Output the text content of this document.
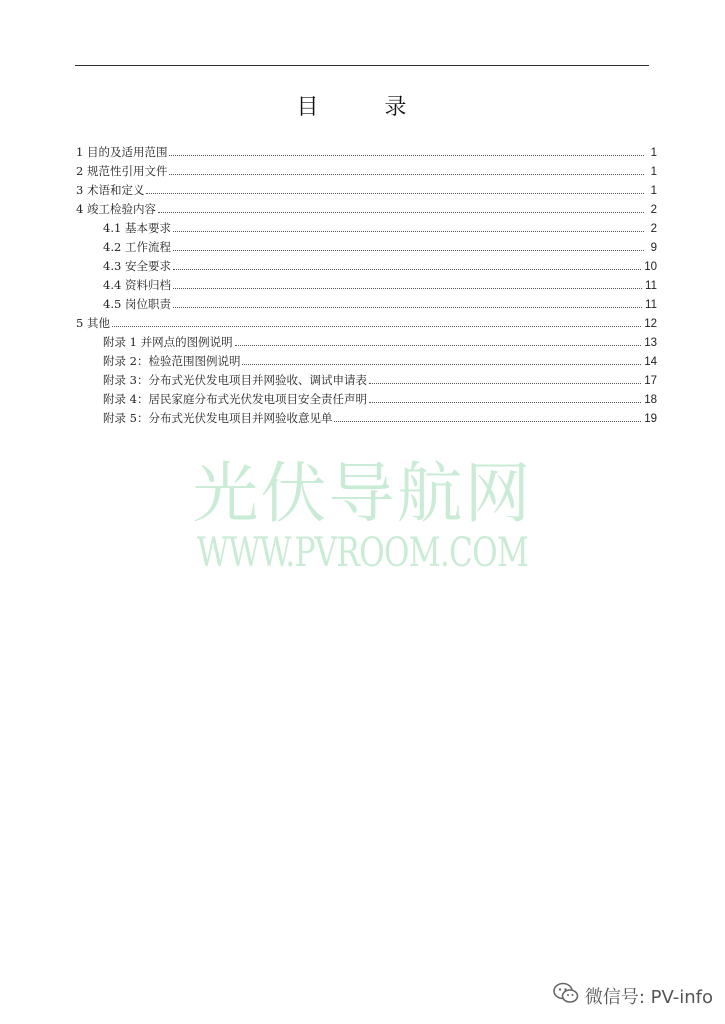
目　录
1 目的及适用范围	1
2 规范性引用文件	1
3 术语和定义	1
4 竣工检验内容	2
4.1 基本要求	2
4.2 工作流程	9
4.3 安全要求	10
4.4 资料归档	11
4.5 岗位职责	11
5 其他	12
附录 1 并网点的图例说明	13
附录 2：检验范围图例说明	14
附录 3：分布式光伏发电项目并网验收、调试申请表	17
附录 4：居民家庭分布式光伏发电项目安全责任声明	18
附录 5：分布式光伏发电项目并网验收意见单	19
光伏导航网
WWW.PVROOM.COM
微信号: PV-info
